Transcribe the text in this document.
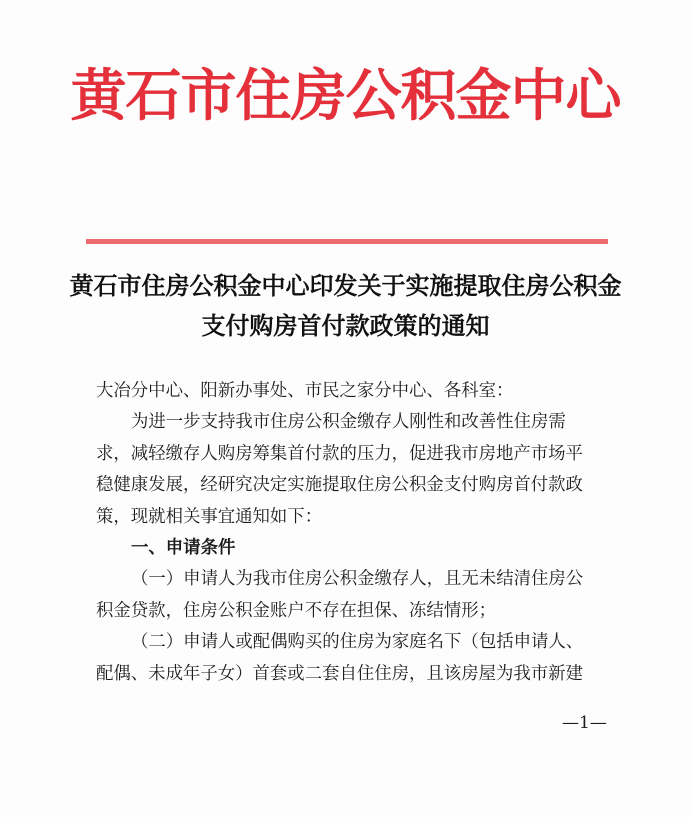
黄石市住房公积金中心
黄石市住房公积金中心印发关于实施提取住房公积金
支付购房首付款政策的通知

大冶分中心、阳新办事处、市民之家分中心、各科室：

为进一步支持我市住房公积金缴存人刚性和改善性住房需

求，减轻缴存人购房筹集首付款的压力，促进我市房地产市场平

稳健康发展，经研究决定实施提取住房公积金支付购房首付款政

策，现就相关事宜通知如下：

一、申请条件

（一）申请人为我市住房公积金缴存人，且无未结清住房公

积金贷款，住房公积金账户不存在担保、冻结情形；

（二）申请人或配偶购买的住房为家庭名下（包括申请人、

配偶、未成年子女）首套或二套自住住房，且该房屋为我市新建

—1—
